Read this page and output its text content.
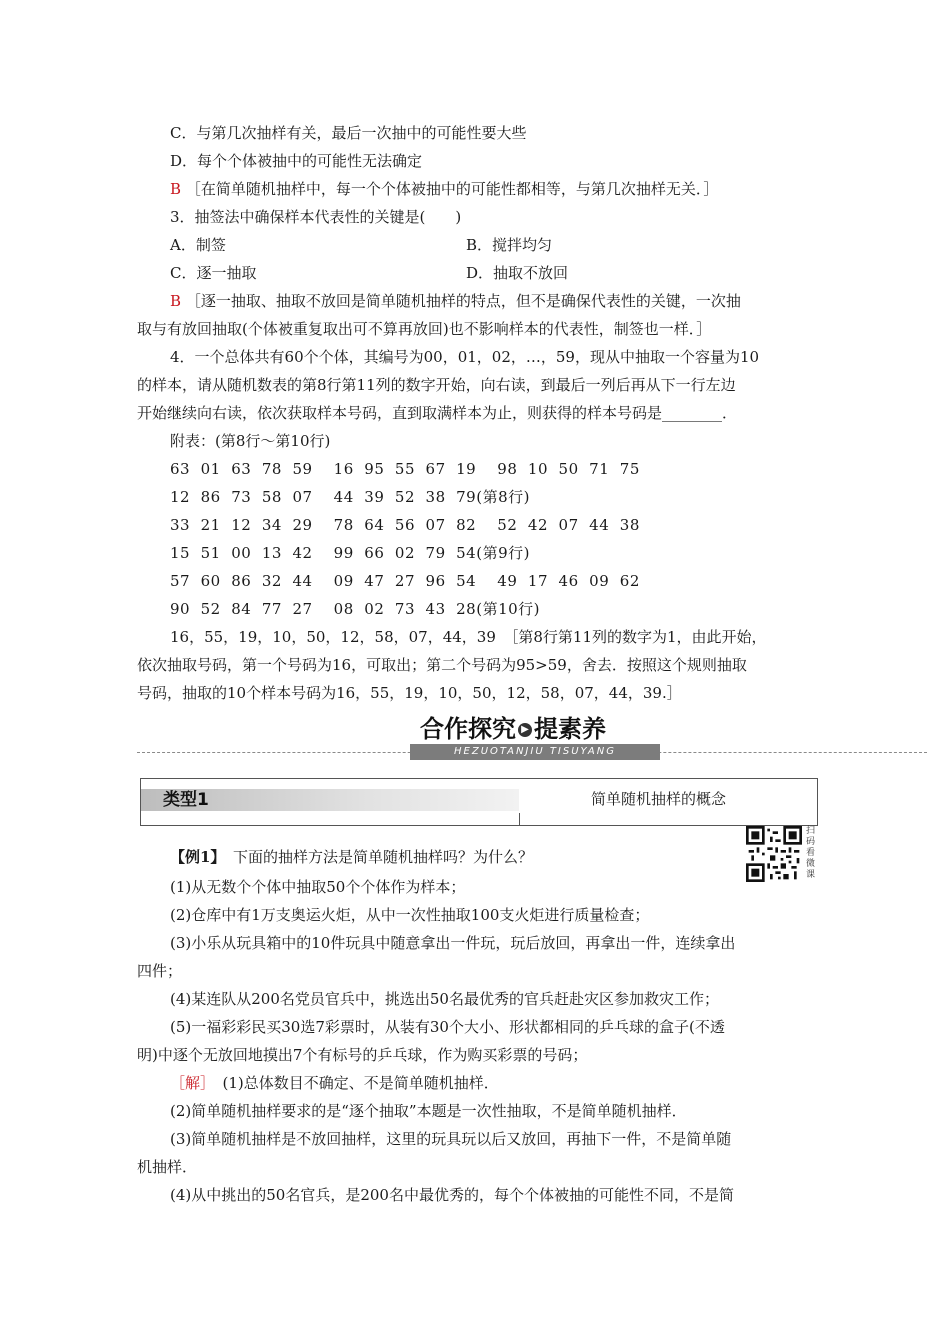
C．与第几次抽样有关，最后一次抽中的可能性要大些
D．每个个体被抽中的可能性无法确定
B ［在简单随机抽样中，每一个个体被抽中的可能性都相等，与第几次抽样无关．］
3．抽签法中确保样本代表性的关键是(　　)
A．制签	B．搅拌均匀
C．逐一抽取	D．抽取不放回
B ［逐一抽取、抽取不放回是简单随机抽样的特点，但不是确保代表性的关键，一次抽
取与有放回抽取(个体被重复取出可不算再放回)也不影响样本的代表性，制签也一样．］
4．一个总体共有60个个体，其编号为00，01，02，…，59，现从中抽取一个容量为10
的样本，请从随机数表的第8行第11列的数字开始，向右读，到最后一列后再从下一行左边
开始继续向右读，依次获取样本号码，直到取满样本为止，则获得的样本号码是________．
附表：(第8行～第10行)
63  01  63  78  59    16  95  55  67  19    98  10  50  71  75
12  86  73  58  07    44  39  52  38  79(第8行)
33  21  12  34  29    78  64  56  07  82    52  42  07  44  38
15  51  00  13  42    99  66  02  79  54(第9行)
57  60  86  32  44    09  47  27  96  54    49  17  46  09  62
90  52  84  77  27    08  02  73  43  28(第10行)
16，55，19，10，50，12，58，07，44，39　［第8行第11列的数字为1，由此开始，
依次抽取号码，第一个号码为16，可取出；第二个号码为95>59，舍去．按照这个规则抽取
号码，抽取的10个样本号码为16，55，19，10，50，12，58，07，44，39.］
合作探究 ▶ 提素养
HEZUOTANJIU TISUYANG
类型1	简单随机抽样的概念
扫码看微课
【例1】　 下面的抽样方法是简单随机抽样吗？为什么？
(1)从无数个个体中抽取50个个体作为样本；
(2)仓库中有1万支奥运火炬，从中一次性抽取100支火炬进行质量检查；
(3)小乐从玩具箱中的10件玩具中随意拿出一件玩，玩后放回，再拿出一件，连续拿出
四件；
(4)某连队从200名党员官兵中，挑选出50名最优秀的官兵赶赴灾区参加救灾工作；
(5)一福彩彩民买30选7彩票时，从装有30个大小、形状都相同的乒乓球的盒子(不透
明)中逐个无放回地摸出7个有标号的乒乓球，作为购买彩票的号码；
［解］　 (1)总体数目不确定、不是简单随机抽样．
(2)简单随机抽样要求的是“逐个抽取”本题是一次性抽取，不是简单随机抽样．
(3)简单随机抽样是不放回抽样，这里的玩具玩以后又放回，再抽下一件，不是简单随
机抽样．
(4)从中挑出的50名官兵，是200名中最优秀的，每个个体被抽的可能性不同，不是简
